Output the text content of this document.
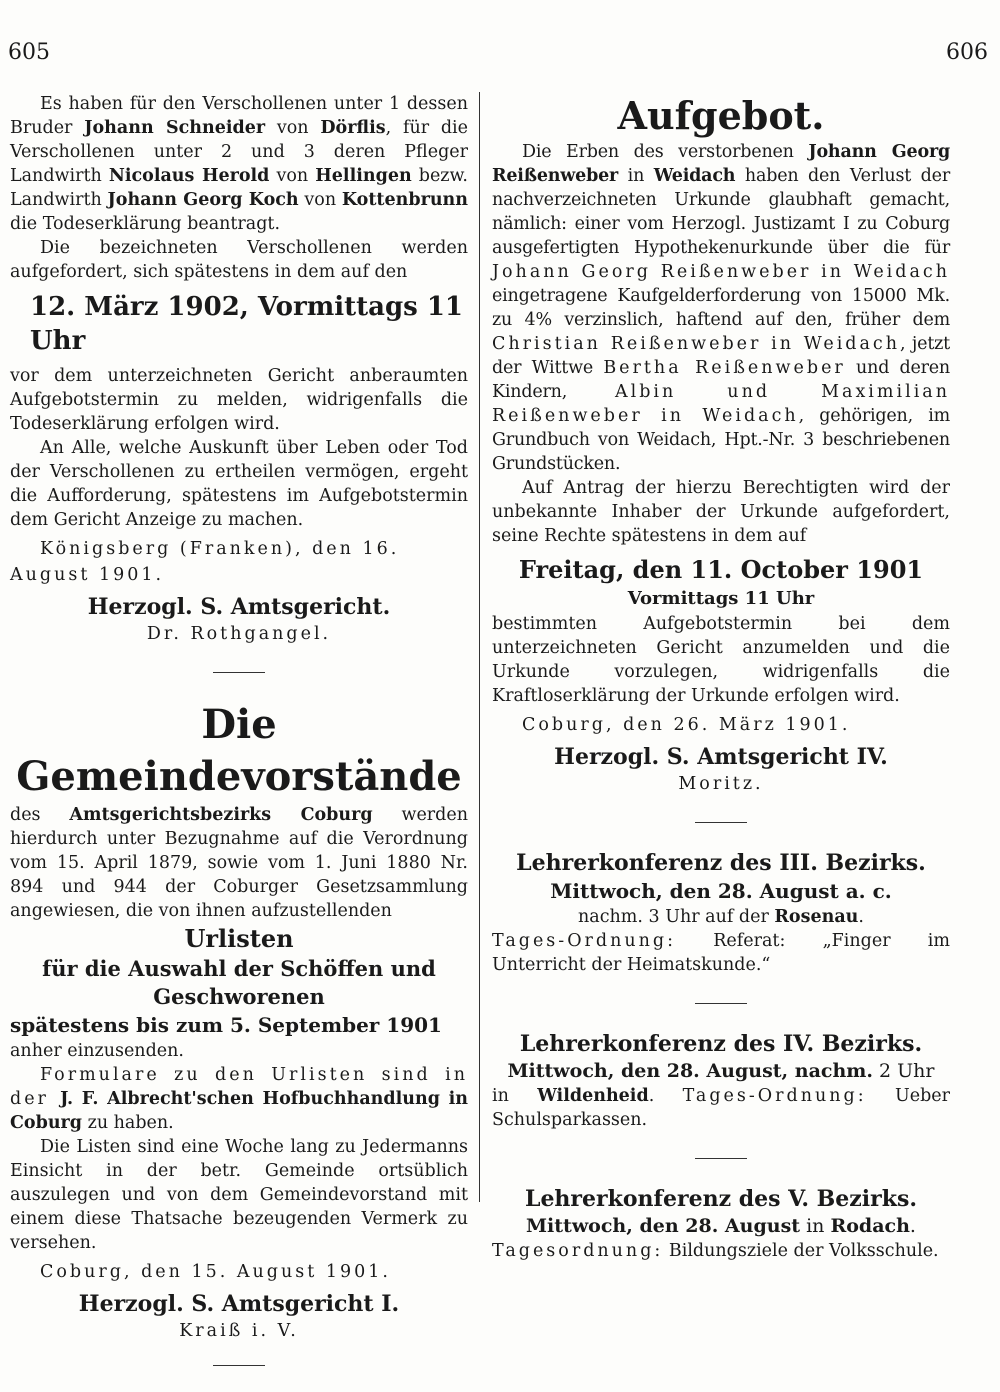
605	606

Es haben für den Verschollenen unter 1 dessen Bruder Johann Schneider von Dörflis, für die Verschollenen unter 2 und 3 deren Pfleger Landwirth Nicolaus Herold von Hellingen bezw. Landwirth Johann Georg Koch von Kottenbrunn die Todeserklärung beantragt.

Die bezeichneten Verschollenen werden aufgefordert, sich spätestens in dem auf den

12. März 1902, Vormittags 11 Uhr

vor dem unterzeichneten Gericht anberaumten Aufgebotstermin zu melden, widrigenfalls die Todeserklärung erfolgen wird.

An Alle, welche Auskunft über Leben oder Tod der Verschollenen zu ertheilen vermögen, ergeht die Aufforderung, spätestens im Aufgebotstermin dem Gericht Anzeige zu machen.

Königsberg (Franken), den 16. August 1901.

Herzogl. S. Amtsgericht.

Dr. Rothgangel.

Die Gemeindevorstände

des Amtsgerichtsbezirks Coburg werden hierdurch unter Bezugnahme auf die Verordnung vom 15. April 1879, sowie vom 1. Juni 1880 Nr. 894 und 944 der Coburger Gesetzsammlung angewiesen, die von ihnen aufzustellenden

Urlisten

für die Auswahl der Schöffen und Geschworenen

spätestens bis zum 5. September 1901

anher einzusenden.

Formulare zu den Urlisten sind in der J. F. Albrecht'schen Hofbuchhandlung in Coburg zu haben.

Die Listen sind eine Woche lang zu Jedermanns Einsicht in der betr. Gemeinde ortsüblich auszulegen und von dem Gemeindevorstand mit einem diese Thatsache bezeugenden Vermerk zu versehen.

Coburg, den 15. August 1901.

Herzogl. S. Amtsgericht I.

Kraiß i. V.

Aufgebot.

Die Erben des verstorbenen Johann Georg Reißenweber in Weidach haben den Verlust der nachverzeichneten Urkunde glaubhaft gemacht, nämlich: einer vom Herzogl. Justizamt I zu Coburg ausgefertigten Hypothekenurkunde über die für Johann Georg Reißenweber in Weidach eingetragene Kaufgelderforderung von 15000 Mk. zu 4% verzinslich, haftend auf den, früher dem Christian Reißenweber in Weidach, jetzt der Wittwe Bertha Reißenweber und deren Kindern, Albin und Maximilian Reißenweber in Weidach, gehörigen, im Grundbuch von Weidach, Hpt.-Nr. 3 beschriebenen Grundstücken.

Auf Antrag der hierzu Berechtigten wird der unbekannte Inhaber der Urkunde aufgefordert, seine Rechte spätestens in dem auf

Freitag, den 11. October 1901

Vormittags 11 Uhr

bestimmten Aufgebotstermin bei dem unterzeichneten Gericht anzumelden und die Urkunde vorzulegen, widrigenfalls die Kraftloserklärung der Urkunde erfolgen wird.

Coburg, den 26. März 1901.

Herzogl. S. Amtsgericht IV.

Moritz.

Lehrerkonferenz des III. Bezirks.

Mittwoch, den 28. August a. c.

nachm. 3 Uhr auf der Rosenau.

Tages-Ordnung: Referat: „Finger im Unterricht der Heimatskunde.“

Lehrerkonferenz des IV. Bezirks.

Mittwoch, den 28. August, nachm. 2 Uhr

in Wildenheid. Tages-Ordnung: Ueber Schulsparkassen.

Lehrerkonferenz des V. Bezirks.

Mittwoch, den 28. August in Rodach.

Tagesordnung: Bildungsziele der Volksschule.
